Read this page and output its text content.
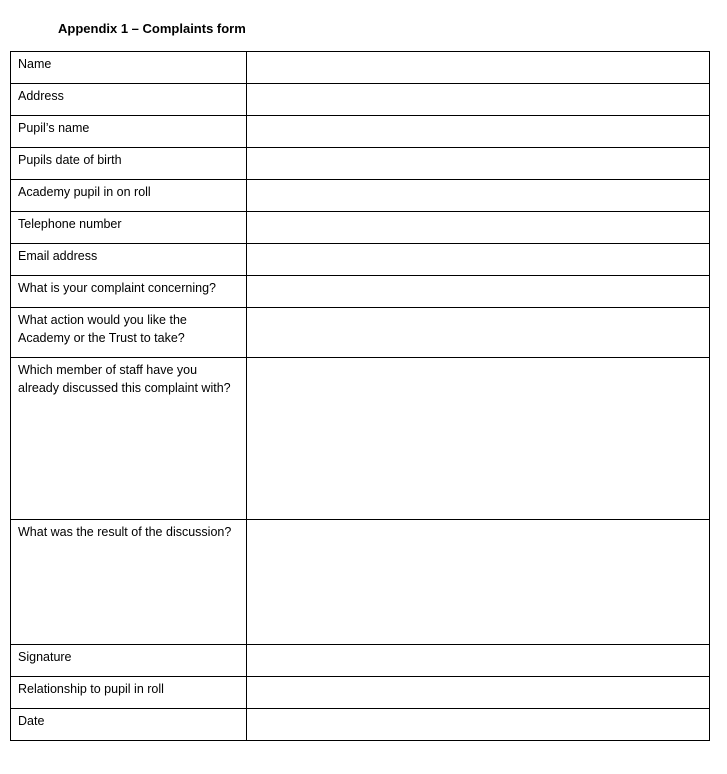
Appendix 1 – Complaints form
Name	

Address	

Pupil’s name	

Pupils date of birth	

Academy pupil in on roll	

Telephone number	

Email address	

What is your complaint concerning?	

What action would you like the Academy or the Trust to take?	

Which member of staff have you already discussed this complaint with?	

What was the result of the discussion?	

Signature	

Relationship to pupil in roll	

Date	
